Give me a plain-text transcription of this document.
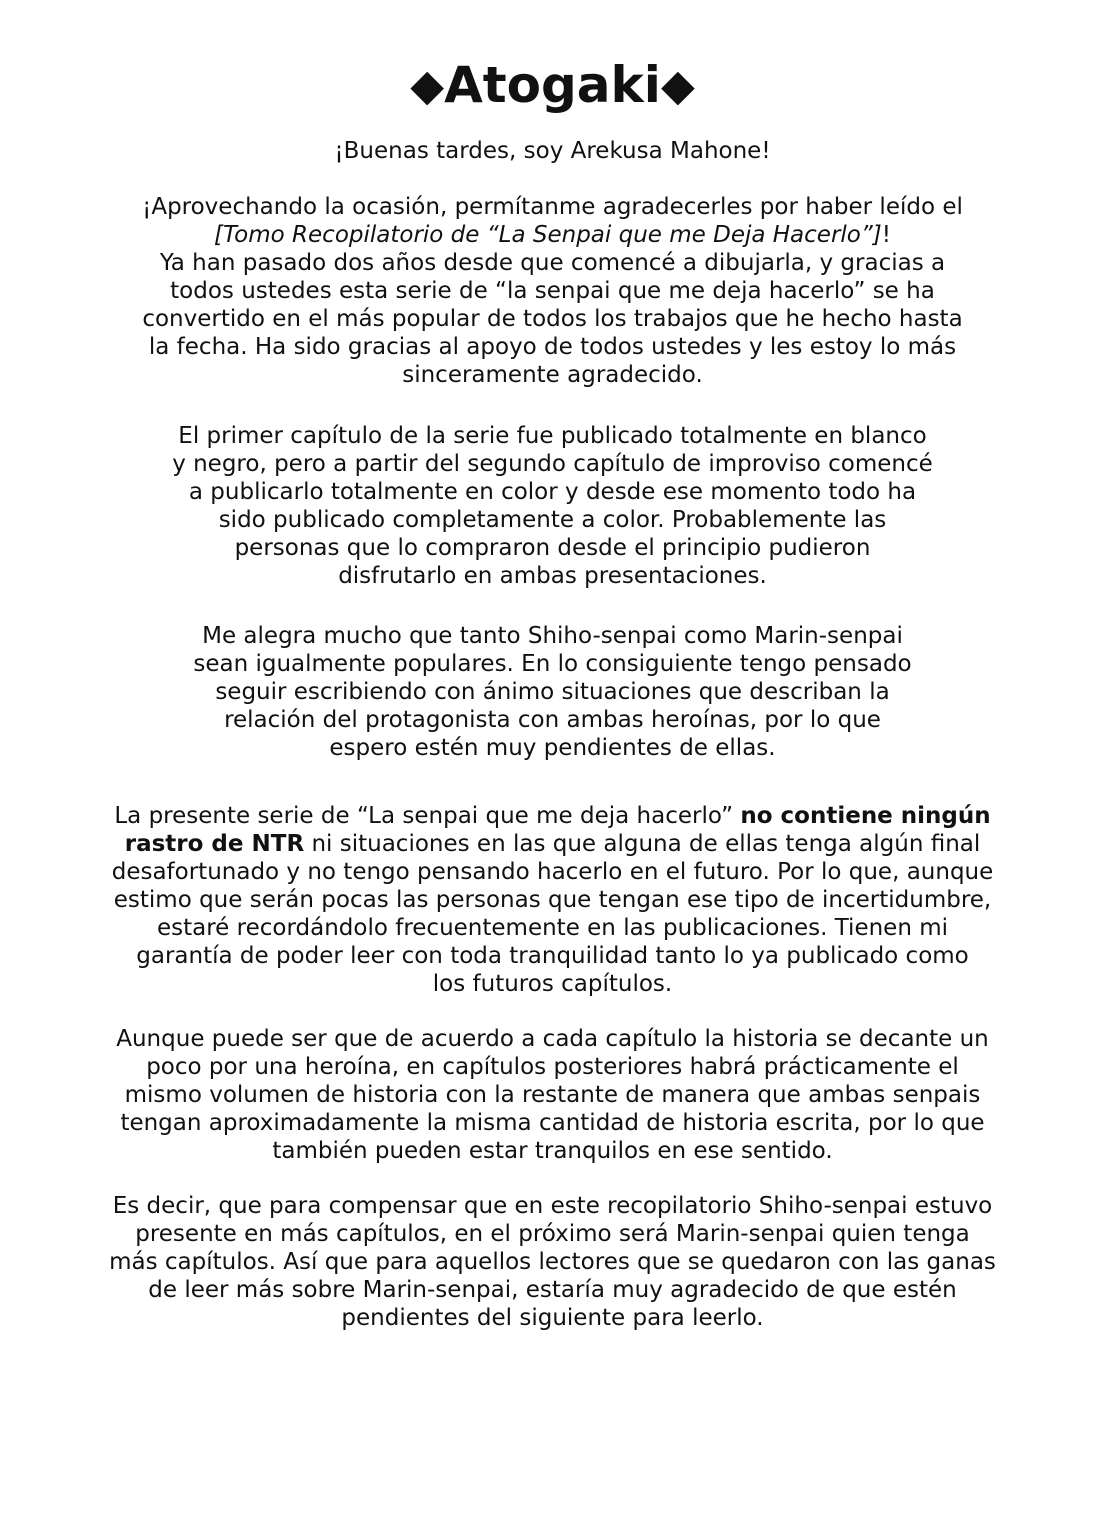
◆Atogaki◆
¡Buenas tardes, soy Arekusa Mahone!
¡Aprovechando la ocasión, permítanme agradecerles por haber leído el
[Tomo Recopilatorio de “La Senpai que me Deja Hacerlo”]!
Ya han pasado dos años desde que comencé a dibujarla, y gracias a
todos ustedes esta serie de “la senpai que me deja hacerlo” se ha
convertido en el más popular de todos los trabajos que he hecho hasta
la fecha. Ha sido gracias al apoyo de todos ustedes y les estoy lo más
sinceramente agradecido.
El primer capítulo de la serie fue publicado totalmente en blanco
y negro, pero a partir del segundo capítulo de improviso comencé
a publicarlo totalmente en color y desde ese momento todo ha
sido publicado completamente a color. Probablemente las
personas que lo compraron desde el principio pudieron
disfrutarlo en ambas presentaciones.
Me alegra mucho que tanto Shiho-senpai como Marin-senpai
sean igualmente populares. En lo consiguiente tengo pensado
seguir escribiendo con ánimo situaciones que describan la
relación del protagonista con ambas heroínas, por lo que
espero estén muy pendientes de ellas.
La presente serie de “La senpai que me deja hacerlo” no contiene ningún
rastro de NTR ni situaciones en las que alguna de ellas tenga algún final
desafortunado y no tengo pensando hacerlo en el futuro. Por lo que, aunque
estimo que serán pocas las personas que tengan ese tipo de incertidumbre,
estaré recordándolo frecuentemente en las publicaciones. Tienen mi
garantía de poder leer con toda tranquilidad tanto lo ya publicado como
los futuros capítulos.
Aunque puede ser que de acuerdo a cada capítulo la historia se decante un
poco por una heroína, en capítulos posteriores habrá prácticamente el
mismo volumen de historia con la restante de manera que ambas senpais
tengan aproximadamente la misma cantidad de historia escrita, por lo que
también pueden estar tranquilos en ese sentido.
Es decir, que para compensar que en este recopilatorio Shiho-senpai estuvo
presente en más capítulos, en el próximo será Marin-senpai quien tenga
más capítulos. Así que para aquellos lectores que se quedaron con las ganas
de leer más sobre Marin-senpai, estaría muy agradecido de que estén
pendientes del siguiente para leerlo.
